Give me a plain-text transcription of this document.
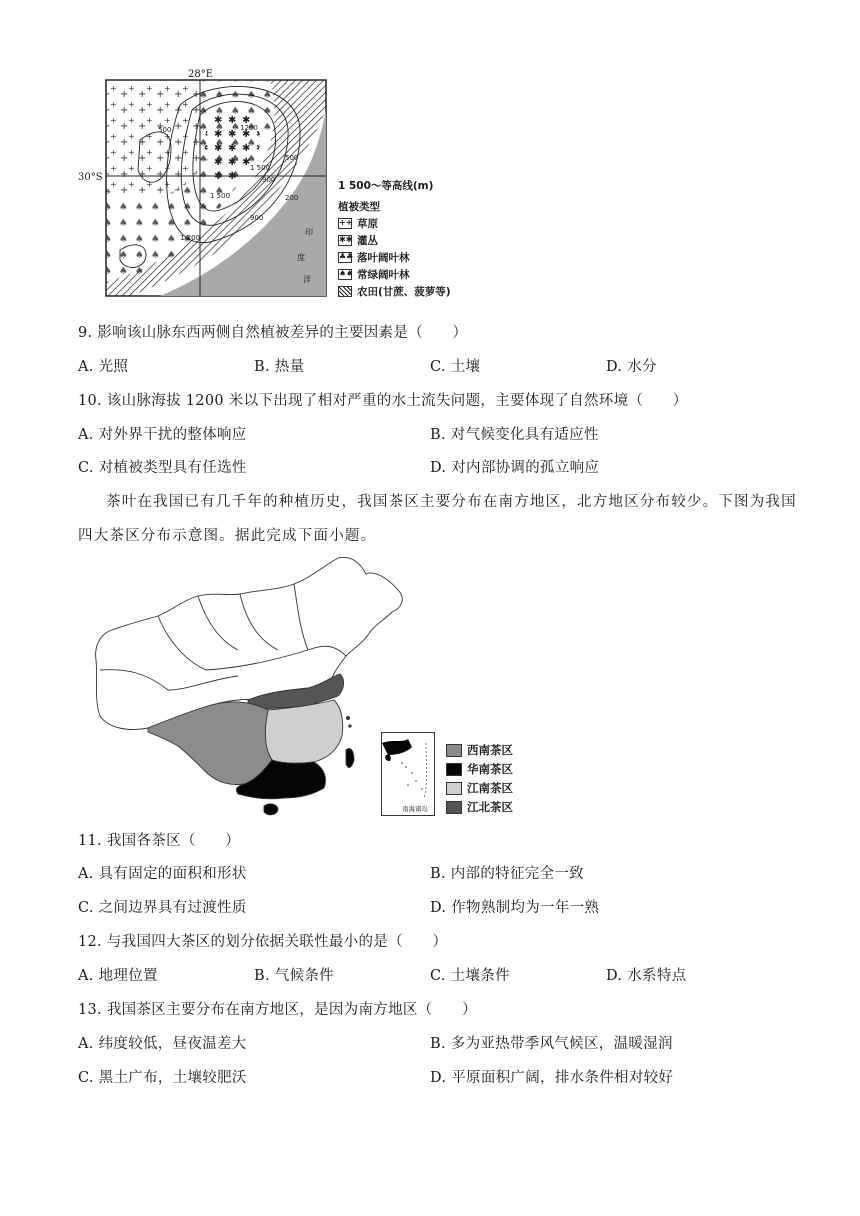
500
900
1200
1 500
1 200
1 500
900
500
200
印
度
洋
28°E
30°S
1 500～等高线(m)
植被类型
++ 草原
✱✱ 灌丛
♣♣ 落叶阔叶林
♠♠ 常绿阔叶林
农田(甘蔗、菠萝等)
9. 影响该山脉东西两侧自然植被差异的主要因素是（　　）
A. 光照	B. 热量	C. 土壤	D. 水分
10. 该山脉海拔 1200 米以下出现了相对严重的水土流失问题，主要体现了自然环境（　　）
A. 对外界干扰的整体响应	B. 对气候变化具有适应性
C. 对植被类型具有任选性	D. 对内部协调的孤立响应
茶叶在我国已有几千年的种植历史，我国茶区主要分布在南方地区，北方地区分布较少。下图为我国
四大茶区分布示意图。据此完成下面小题。
南海诸岛
西南茶区
华南茶区
江南茶区
江北茶区
11. 我国各茶区（　　）
A. 具有固定的面积和形状	B. 内部的特征完全一致
C. 之间边界具有过渡性质	D. 作物熟制均为一年一熟
12. 与我国四大茶区的划分依据关联性最小的是（　　）
A. 地理位置	B. 气候条件	C. 土壤条件	D. 水系特点
13. 我国茶区主要分布在南方地区，是因为南方地区（　　）
A. 纬度较低，昼夜温差大	B. 多为亚热带季风气候区，温暖湿润
C. 黑土广布，土壤较肥沃	D. 平原面积广阔，排水条件相对较好
